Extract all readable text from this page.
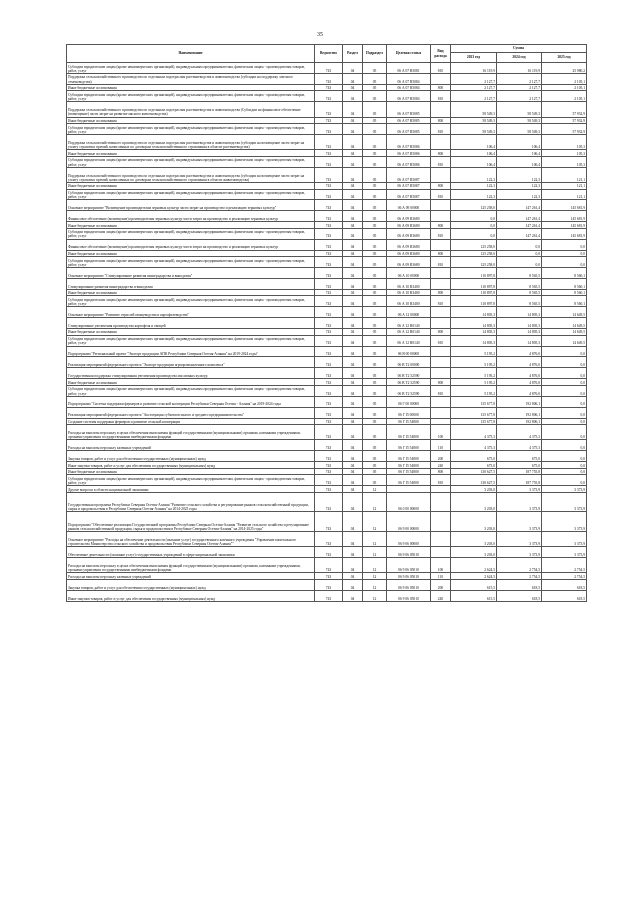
35
Наименование	Ведомство	Раздел	Подраздел	Целевая статья	Вид расхода	Сумма		
						2023 год	2024 год	2025 год
Субсидии юридическим лицам (кроме некоммерческих организаций), индивидуальным предпринимателям, физическим лицам - производителям товаров, работ, услуг	743	04	05	06 А 07 R5081	810	16 119,9	16 119,9	25 980,2
Поддержка сельскохозяйственного производства по отдельным подотраслям растениеводства и животноводства (субсидии на поддержку элитного семеноводства)	743	04	05	06 А 07 R5084		2 127,7	2 127,7	2 105,1
Иные бюджетные ассигнования	743	04	05	06 А 07 R5084	800	2 127,7	2 127,7	2 105,1
Субсидии юридическим лицам (кроме некоммерческих организаций), индивидуальным предпринимателям, физическим лицам - производителям товаров, работ, услуг	743	04	05	06 А 07 R5084	810	2 127,7	2 127,7	2 105,1
Поддержка сельскохозяйственного производства по отдельным подотраслям растениеводства и животноводства (Субсидии на финансовое обеспечение (возмещение) части затрат на развитие мясного животноводства)	743	04	05	06 А 07 R5085		58 549,3	58 549,3	57 932,9
Иные бюджетные ассигнования	743	04	05	06 А 07 R5085	800	58 549,3	58 549,3	57 932,9
Субсидии юридическим лицам (кроме некоммерческих организаций), индивидуальным предпринимателям, физическим лицам - производителям товаров, работ, услуг	743	04	05	06 А 07 R5085	810	58 549,3	58 549,3	57 932,9
Поддержка сельскохозяйственного производства по отдельным подотраслям растениеводства и животноводства (субсидии на возмещение части затрат на уплату страховых премий, начисленных по договорам сельскохозяйственного страхования в области растениеводства)	743	04	05	06 А 07 R5086		106,4	106,4	105,3
Иные бюджетные ассигнования	743	04	05	06 А 07 R5086	800	106,4	106,4	105,3
Субсидии юридическим лицам (кроме некоммерческих организаций), индивидуальным предпринимателям, физическим лицам - производителям товаров, работ, услуг	743	04	05	06 А 07 R5086	810	106,4	106,4	105,3
Поддержка сельскохозяйственного производства по отдельным подотраслям растениеводства и животноводства (субсидии на возмещение части затрат на уплату страховых премий, начисленных по договорам сельскохозяйственного страхования в области животноводства)	743	04	05	06 А 07 R5087		122,3	122,3	121,1
Иные бюджетные ассигнования	743	04	05	06 А 07 R5087	800	122,3	122,3	121,1
Субсидии юридическим лицам (кроме некоммерческих организаций), индивидуальным предпринимателям, физическим лицам - производителям товаров, работ, услуг	743	04	05	06 А 07 R5087	810	122,3	122,3	121,1
Основное мероприятие "Возмещение производителям зерновых культур части затрат на производство и реализацию зерновых культур"	743	04	05	06 А 09 00000		125 258,0	147 261,4	145 681,9
Финансовое обеспечение (возмещение) производителям зерновых культур части затрат на производство и реализацию зерновых культур	743	04	05	06 А 09 R3680		0,0	147 261,4	145 681,9
Иные бюджетные ассигнования	743	04	05	06 А 09 R3680	800	0,0	147 261,4	145 681,9
Субсидии юридическим лицам (кроме некоммерческих организаций), индивидуальным предпринимателям, физическим лицам - производителям товаров, работ, услуг	743	04	05	06 А 09 R3680	810	0,0	147 261,4	145 681,9
Финансовое обеспечение (возмещение) производителям зерновых культур части затрат на производство и реализацию зерновых культур	743	04	05	06 А 09 R3680		125 258,0	0,0	0,0
Иные бюджетные ассигнования	743	04	05	06 А 09 R3680	800	125 258,0	0,0	0,0
Субсидии юридическим лицам (кроме некоммерческих организаций), индивидуальным предпринимателям, физическим лицам - производителям товаров, работ, услуг	743	04	05	06 А 09 R3680	810	125 258,0	0,0	0,0
Основное мероприятие "Стимулирование развития виноградарства и виноделия"	743	04	05	06 А 10 00000		110 897,8	8 565,5	8 560,1
Стимулирование развития виноградарства и виноделия	743	04	05	06 А 10 R3400		110 897,8	8 565,5	8 560,1
Иные бюджетные ассигнования	743	04	05	06 А 10 R3400	800	110 897,8	8 565,5	8 560,1
Субсидии юридическим лицам (кроме некоммерческих организаций), индивидуальным предпринимателям, физическим лицам - производителям товаров, работ, услуг	743	04	05	06 А 10 R3400	810	110 897,8	8 565,5	8 560,1
Основное мероприятие "Развитие отраслей овощеводства и картофелеводства"	743	04	05	06 А 12 00000		14 805,3	14 805,3	14 649,5
Стимулирование увеличения производства картофеля и овощей	743	04	05	06 А 12 R0140		14 805,3	14 805,3	14 649,5
Иные бюджетные ассигнования	743	04	05	06 А 12 R0140	800	14 805,3	14 805,3	14 649,5
Субсидии юридическим лицам (кроме некоммерческих организаций), индивидуальным предпринимателям, физическим лицам - производителям товаров, работ, услуг	743	04	05	06 А 12 R0140	810	14 805,3	14 805,3	14 649,5
Подпрограмма "Региональный проект "Экспорт продукции АПК Республики Северная Осетия-Алания" на 2019-2024 годы"	743	04	05	06 В 00 00000		5 195,2	4 876,0	0,0
Реализация мероприятий федерального проекта "Экспорт продукции агропромышленного комплекса"	743	04	05	06 В Т2 00000		5 195,2	4 876,0	0,0
Государственная поддержка стимулирования увеличения производства масличных культур	743	04	05	06 В Т2 52590		5 195,2	4 876,0	0,0
Иные бюджетные ассигнования	743	04	05	06 В Т2 52590	800	5 195,2	4 876,0	0,0
Субсидии юридическим лицам (кроме некоммерческих организаций), индивидуальным предпринимателям, физическим лицам - производителям товаров, работ, услуг	743	04	05	06 В Т2 52590	810	5 195,2	4 876,0	0,0
Подпрограмма "Система поддержки фермеров и развитие сельской кооперации Республики Северная Осетия - Алания" на 2019-2024 годы	743	04	05	06 Г 00 00000		135 677,8	192 806,1	0,0
Реализация мероприятий федерального проекта "Акселерация субъектов малого и среднего предпринимательства"	743	04	05	06 Г I5 00000		135 677,8	192 806,1	0,0
Создание системы поддержки фермеров и развитие сельской кооперации	743	04	05	06 Г I5 54800		135 677,8	192 806,1	0,0
Расходы на выплаты персоналу в целях обеспечения выполнения функций государственными (муниципальными) органами, казенными учреждениями, органами управления государственными внебюджетными фондами	743	04	05	06 Г I5 54800	100	4 375,3	4 375,3	0,0
Расходы на выплаты персоналу казенных учреждений	743	04	05	06 Г I5 54800	110	4 375,3	4 375,3	0,0
Закупка товаров, работ и услуг для обеспечения государственных (муниципальных) нужд	743	04	05	06 Г I5 54800	200	675,0	675,0	0,0
Иные закупки товаров, работ и услуг для обеспечения государственных (муниципальных) нужд	743	04	05	06 Г I5 54800	240	675,0	675,0	0,0
Иные бюджетные ассигнования	743	04	05	06 Г I5 54800	800	130 627,5	187 755,8	0,0
Субсидии юридическим лицам (кроме некоммерческих организаций), индивидуальным предпринимателям, физическим лицам - производителям товаров, работ, услуг	743	04	05	06 Г I5 54800	810	130 627,5	187 755,8	0,0
Другие вопросы в области национальной экономики	743	04	12			3 203,0	3 373,9	3 373,9
Государственная программа Республики Северная Осетия-Алания "Развитие сельского хозяйства и регулирование рынков сельскохозяйственной продукции, сырья и продовольствия в Республике Северная Осетия-Алания" на 2014-2025 годы	743	04	12	06 0 00 00000		3 203,0	3 373,9	3 373,9
Подпрограмма "Обеспечение реализации Государственной программы Республики Северная Осетия-Алания "Развитие сельского хозяйства и регулирование рынков сельскохозяйственной продукции, сырья и продовольствия в Республике Северная Осетия-Алания" на 2014-2025 годы"	743	04	12	06 9 00 00000		3 203,0	3 373,9	3 373,9
Основное мероприятие "Расходы на обеспечение деятельности (оказание услуг) государственного казенного учреждения "Управление капитального строительства Министерства сельского хозяйства и продовольствия Республики Северная Осетия-Алания""	743	04	12	06 9 06 00000		3 203,0	3 373,9	3 373,9
Обеспечение деятельности (оказание услуг) государственных учреждений в сфере национальной экономики	743	04	12	06 9 06 05010		3 203,0	3 373,9	3 373,9
Расходы на выплаты персоналу в целях обеспечения выполнения функций государственными (муниципальными) органами, казенными учреждениями, органами управления государственными внебюджетными фондами	743	04	12	06 9 06 05010	100	2 624,5	2 754,5	2 754,5
Расходы на выплаты персоналу казенных учреждений	743	04	12	06 9 06 05010	110	2 624,5	2 754,5	2 754,5
Закупка товаров, работ и услуг для обеспечения государственных (муниципальных) нужд	743	04	12	06 9 06 05010	200	615,5	618,5	618,5
Иные закупки товаров, работ и услуг для обеспечения государственных (муниципальных) нужд	743	04	12	06 9 06 05010	240	615,5	618,5	618,5
